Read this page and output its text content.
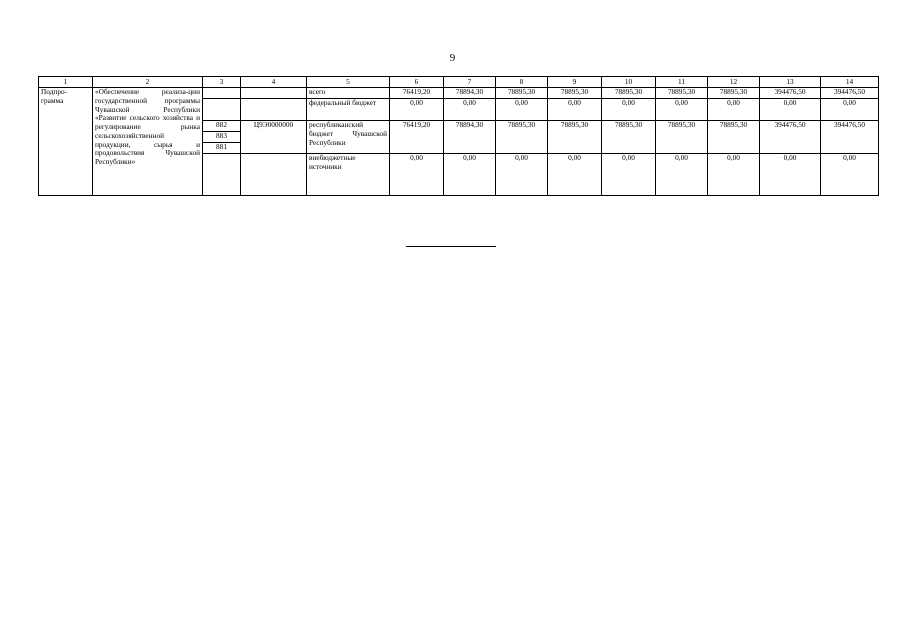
9
1	2	3	4	5	6	7	8	9	10	11	12	13	14
Подпро-
грамма	«Обеспечение реализа-ции государственной программы Чувашской Республики «Развитие сельского хозяйства и регулирование рынка сельскохозяйственной продукции, сырья и продовольствия Чувашской Республики»			всего	76419,20	78894,30	78895,30	78895,30	78895,30	78895,30	78895,30	394476,50	394476,50
				федеральный бюджет	0,00	0,00	0,00	0,00	0,00	0,00	0,00	0,00	0,00
		882	Ц9Э0000000	республиканский бюджет Чувашской Республики	76419,20	78894,30	78895,30	78895,30	78895,30	78895,30	78895,30	394476,50	394476,50
		883											
		881											
				внебюджетные источники	0,00	0,00	0,00	0,00	0,00	0,00	0,00	0,00	0,00
